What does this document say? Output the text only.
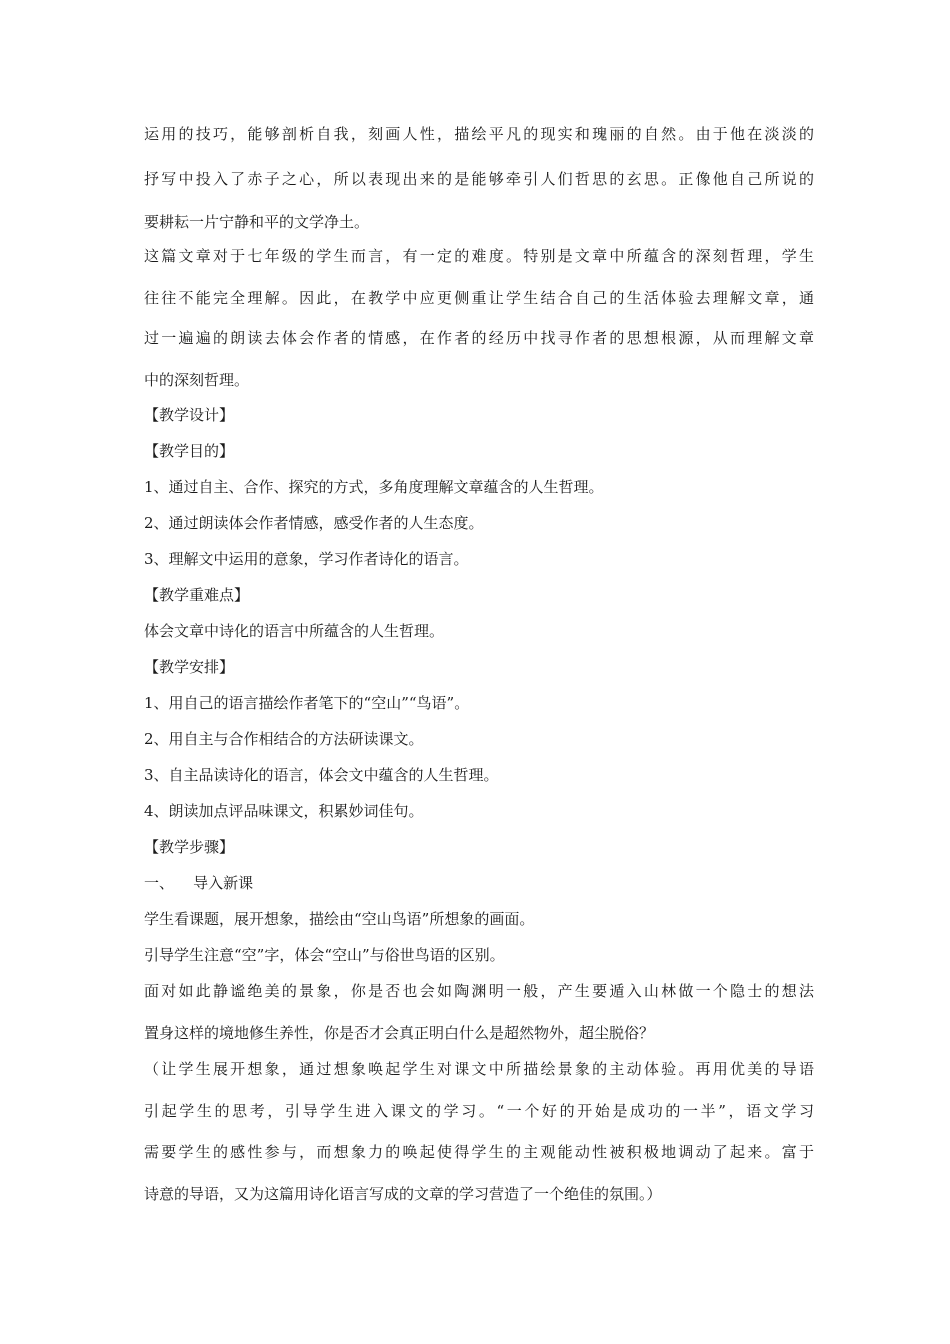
运用的技巧，能够剖析自我，刻画人性，描绘平凡的现实和瑰丽的自然。由于他在淡淡的
抒写中投入了赤子之心，所以表现出来的是能够牵引人们哲思的玄思。正像他自己所说的
要耕耘一片宁静和平的文学净土。
这篇文章对于七年级的学生而言，有一定的难度。特别是文章中所蕴含的深刻哲理，学生
往往不能完全理解。因此，在教学中应更侧重让学生结合自己的生活体验去理解文章，通
过一遍遍的朗读去体会作者的情感，在作者的经历中找寻作者的思想根源，从而理解文章
中的深刻哲理。
【教学设计】
【教学目的】
1、通过自主、合作、探究的方式，多角度理解文章蕴含的人生哲理。
2、通过朗读体会作者情感，感受作者的人生态度。
3、理解文中运用的意象，学习作者诗化的语言。
【教学重难点】
体会文章中诗化的语言中所蕴含的人生哲理。
【教学安排】
1、用自己的语言描绘作者笔下的“空山”“鸟语”。
2、用自主与合作相结合的方法研读课文。
3、自主品读诗化的语言，体会文中蕴含的人生哲理。
4、朗读加点评品味课文，积累妙词佳句。
【教学步骤】
一、    导入新课
学生看课题，展开想象，描绘由“空山鸟语”所想象的画面。
引导学生注意“空”字，体会“空山”与俗世鸟语的区别。
面对如此静谧绝美的景象，你是否也会如陶渊明一般，产生要遁入山林做一个隐士的想法
置身这样的境地修生养性，你是否才会真正明白什么是超然物外，超尘脱俗？
（让学生展开想象，通过想象唤起学生对课文中所描绘景象的主动体验。再用优美的导语
引起学生的思考，引导学生进入课文的学习。“一个好的开始是成功的一半”，语文学习
需要学生的感性参与，而想象力的唤起使得学生的主观能动性被积极地调动了起来。富于
诗意的导语，又为这篇用诗化语言写成的文章的学习营造了一个绝佳的氛围。）
